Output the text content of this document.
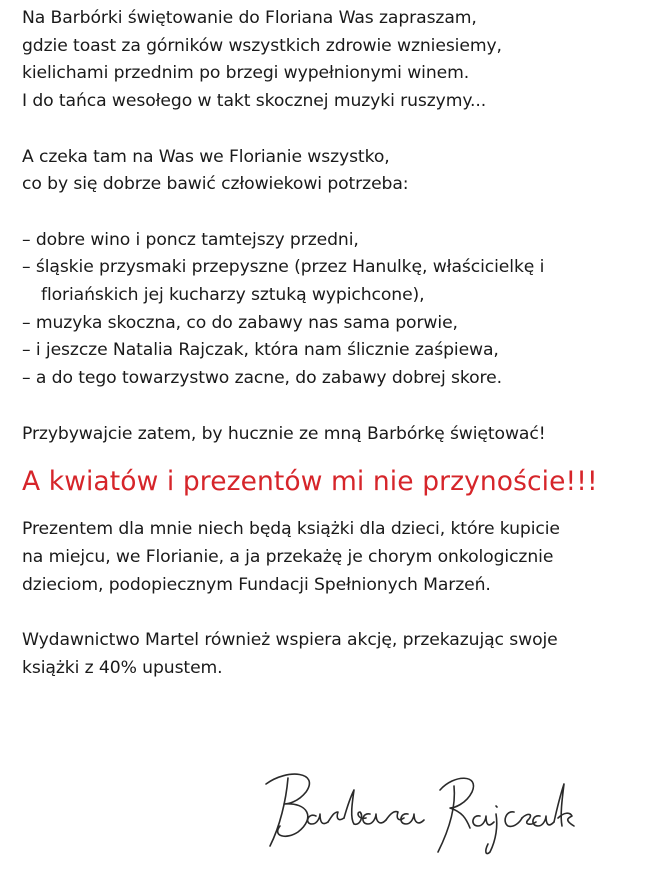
Na Barbórki świętowanie do Floriana Was zapraszam,
gdzie toast za górników wszystkich zdrowie wzniesiemy,
kielichami przednim po brzegi wypełnionymi winem.
I do tańca wesołego w takt skocznej muzyki ruszymy...
A czeka tam na Was we Florianie wszystko,
co by się dobrze bawić człowiekowi potrzeba:
– dobre wino i poncz tamtejszy przedni,
– śląskie przysmaki przepyszne (przez Hanulkę, właścicielkę i
floriańskich jej kucharzy sztuką wypichcone),
– muzyka skoczna, co do zabawy nas sama porwie,
– i jeszcze Natalia Rajczak, która nam ślicznie zaśpiewa,
– a do tego towarzystwo zacne, do zabawy dobrej skore.
Przybywajcie zatem, by hucznie ze mną Barbórkę świętować!
A kwiatów i prezentów mi nie przynoście!!!
Prezentem dla mnie niech będą książki dla dzieci, które kupicie
na miejcu, we Florianie, a ja przekażę je chorym onkologicznie
dzieciom, podopiecznym Fundacji Spełnionych Marzeń.
Wydawnictwo Martel również wspiera akcję, przekazując swoje
książki z 40% upustem.
